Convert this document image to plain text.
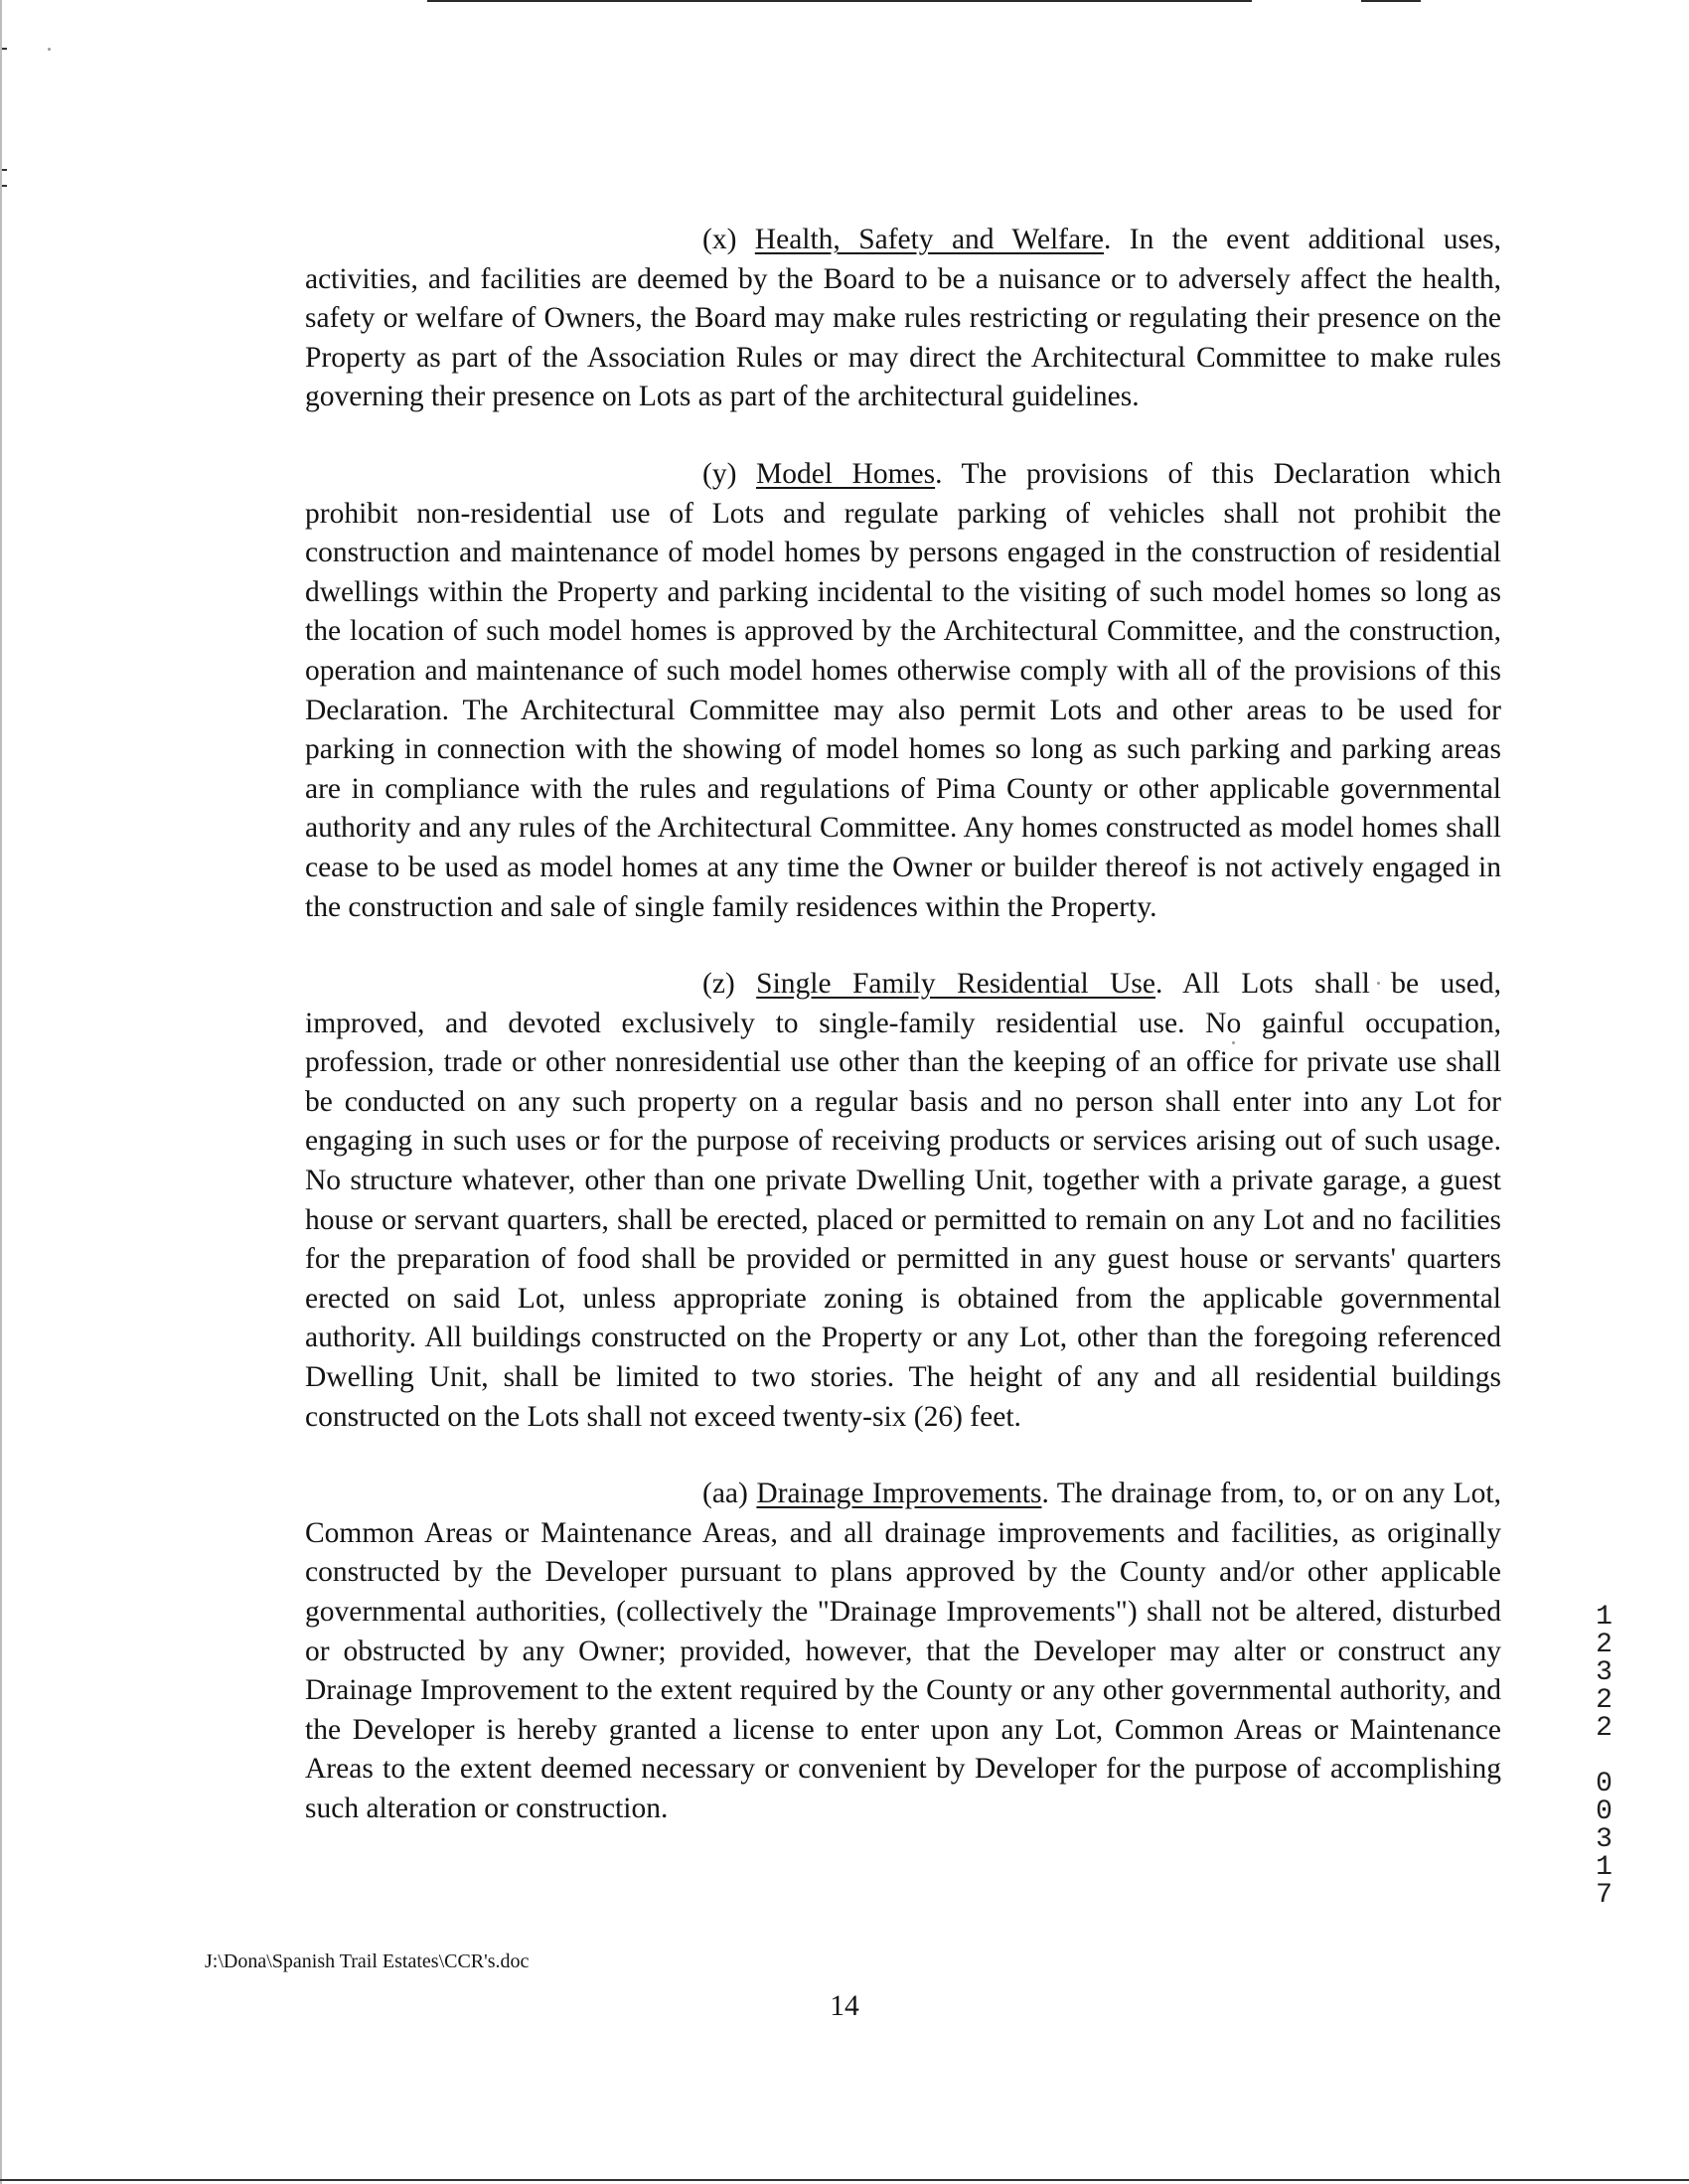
(x) Health, Safety and Welfare. In the event additional uses, activities, and facilities are deemed by the Board to be a nuisance or to adversely affect the health, safety or welfare of Owners, the Board may make rules restricting or regulating their presence on the Property as part of the Association Rules or may direct the Architectural Committee to make rules governing their presence on Lots as part of the architectural guidelines.

(y) Model Homes. The provisions of this Declaration which prohibit non-residential use of Lots and regulate parking of vehicles shall not prohibit the construction and maintenance of model homes by persons engaged in the construction of residential dwellings within the Property and parking incidental to the visiting of such model homes so long as the location of such model homes is approved by the Architectural Committee, and the construction, operation and maintenance of such model homes otherwise comply with all of the provisions of this Declaration. The Architectural Committee may also permit Lots and other areas to be used for parking in connection with the showing of model homes so long as such parking and parking areas are in compliance with the rules and regulations of Pima County or other applicable governmental authority and any rules of the Architectural Committee. Any homes constructed as model homes shall cease to be used as model homes at any time the Owner or builder thereof is not actively engaged in the construction and sale of single family residences within the Property.

(z) Single Family Residential Use. All Lots shall be used, improved, and devoted exclusively to single-family residential use. No gainful occupation, profession, trade or other nonresidential use other than the keeping of an office for private use shall be conducted on any such property on a regular basis and no person shall enter into any Lot for engaging in such uses or for the purpose of receiving products or services arising out of such usage. No structure whatever, other than one private Dwelling Unit, together with a private garage, a guest house or servant quarters, shall be erected, placed or permitted to remain on any Lot and no facilities for the preparation of food shall be provided or permitted in any guest house or servants' quarters erected on said Lot, unless appropriate zoning is obtained from the applicable governmental authority. All buildings constructed on the Property or any Lot, other than the foregoing referenced Dwelling Unit, shall be limited to two stories. The height of any and all residential buildings constructed on the Lots shall not exceed twenty-six (26) feet.

(aa) Drainage Improvements. The drainage from, to, or on any Lot, Common Areas or Maintenance Areas, and all drainage improvements and facilities, as originally constructed by the Developer pursuant to plans approved by the County and/or other applicable governmental authorities, (collectively the "Drainage Improvements") shall not be altered, disturbed or obstructed by any Owner; provided, however, that the Developer may alter or construct any Drainage Improvement to the extent required by the County or any other governmental authority, and the Developer is hereby granted a license to enter upon any Lot, Common Areas or Maintenance Areas to the extent deemed necessary or convenient by Developer for the purpose of accomplishing such alteration or construction.

J:\Dona\Spanish Trail Estates\CCR's.doc
14
12322 00317
